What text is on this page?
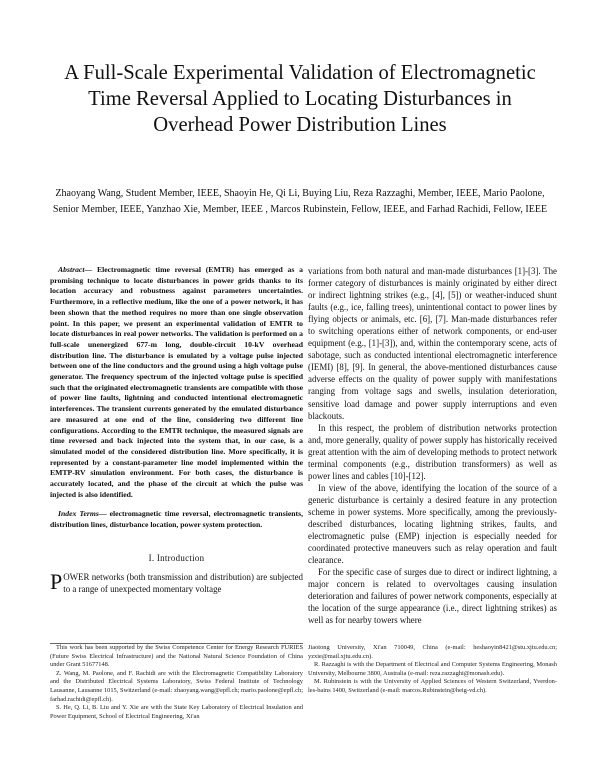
A Full-Scale Experimental Validation of Electromagnetic Time Reversal Applied to Locating Disturbances in Overhead Power Distribution Lines
Zhaoyang Wang, Student Member, IEEE, Shaoyin He, Qi Li, Buying Liu, Reza Razzaghi, Member, IEEE, Mario Paolone, Senior Member, IEEE, Yanzhao Xie, Member, IEEE , Marcos Rubinstein, Fellow, IEEE, and Farhad Rachidi, Fellow, IEEE

Abstract— Electromagnetic time reversal (EMTR) has emerged as a promising technique to locate disturbances in power grids thanks to its location accuracy and robustness against parameters uncertainties. Furthermore, in a reflective medium, like the one of a power network, it has been shown that the method requires no more than one single observation point. In this paper, we present an experimental validation of EMTR to locate disturbances in real power networks. The validation is performed on a full-scale unenergized 677-m long, double-circuit 10-kV overhead distribution line. The disturbance is emulated by a voltage pulse injected between one of the line conductors and the ground using a high voltage pulse generator. The frequency spectrum of the injected voltage pulse is specified such that the originated electromagnetic transients are compatible with those of power line faults, lightning and conducted intentional electromagnetic interferences. The transient currents generated by the emulated disturbance are measured at one end of the line, considering two different line configurations. According to the EMTR technique, the measured signals are time reversed and back injected into the system that, in our case, is a simulated model of the considered distribution line. More specifically, it is represented by a constant-parameter line model implemented within the EMTP-RV simulation environment. For both cases, the disturbance is accurately located, and the phase of the circuit at which the pulse was injected is also identified.

Index Terms— electromagnetic time reversal, electromagnetic transients, distribution lines, disturbance location, power system protection.

I. Introduction

POWER networks (both transmission and distribution) are subjected to a range of unexpected momentary voltage

variations from both natural and man-made disturbances [1]-[3]. The former category of disturbances is mainly originated by either direct or indirect lightning strikes (e.g., [4], [5]) or weather-induced shunt faults (e.g., ice, falling trees), unintentional contact to power lines by flying objects or animals, etc. [6], [7]. Man-made disturbances refer to switching operations either of network components, or end-user equipment (e.g., [1]-[3]), and, within the contemporary scene, acts of sabotage, such as conducted intentional electromagnetic interference (IEMI) [8], [9]. In general, the above-mentioned disturbances cause adverse effects on the quality of power supply with manifestations ranging from voltage sags and swells, insulation deterioration, sensitive load damage and power supply interruptions and even blackouts.

In this respect, the problem of distribution networks protection and, more generally, quality of power supply has historically received great attention with the aim of developing methods to protect network terminal components (e.g., distribution transformers) as well as power lines and cables [10]-[12].

In view of the above, identifying the location of the source of a generic disturbance is certainly a desired feature in any protection scheme in power systems. More specifically, among the previously-described disturbances, locating lightning strikes, faults, and electromagnetic pulse (EMP) injection is especially needed for coordinated protective maneuvers such as relay operation and fault clearance.

For the specific case of surges due to direct or indirect lightning, a major concern is related to overvoltages causing insulation deterioration and failures of power network components, especially at the location of the surge appearance (i.e., direct lightning strikes) as well as for nearby towers where

This work has been supported by the Swiss Competence Center for Energy Research FURIES (Future Swiss Electrical Infrastructure) and the National Natural Science Foundation of China under Grant 51677148.

Z. Wang, M. Paolone, and F. Rachidi are with the Electromagnetic Compatibility Laboratory and the Distributed Electrical Systems Laboratory, Swiss Federal Institute of Technology Lausanne, Lausanne 1015, Switzerland (e-mail: zhaoyang.wang@epfl.ch; mario.paolone@epfl.ch; farhad.rachidi@epfl.ch).

S. He, Q. Li, B. Liu and Y. Xie are with the State Key Laboratory of Electrical Insulation and Power Equipment, School of Electrical Engineering, Xi'an

Jiaotong University, Xi'an 710049, China (e-mail: heshaoyin8421@stu.xjtu.edu.cn; yzxie@mail.xjtu.edu.cn).

R. Razzaghi is with the Department of Electrical and Computer Systems Engineering, Monash University, Melbourne 3800, Australia (e-mail: reza.razzaghi@monash.edu).

M. Rubinstein is with the University of Applied Sciences of Western Switzerland, Yverdon-les-bains 1400, Switzerland (e-mail: marcos.Rubinstein@heig-vd.ch).
